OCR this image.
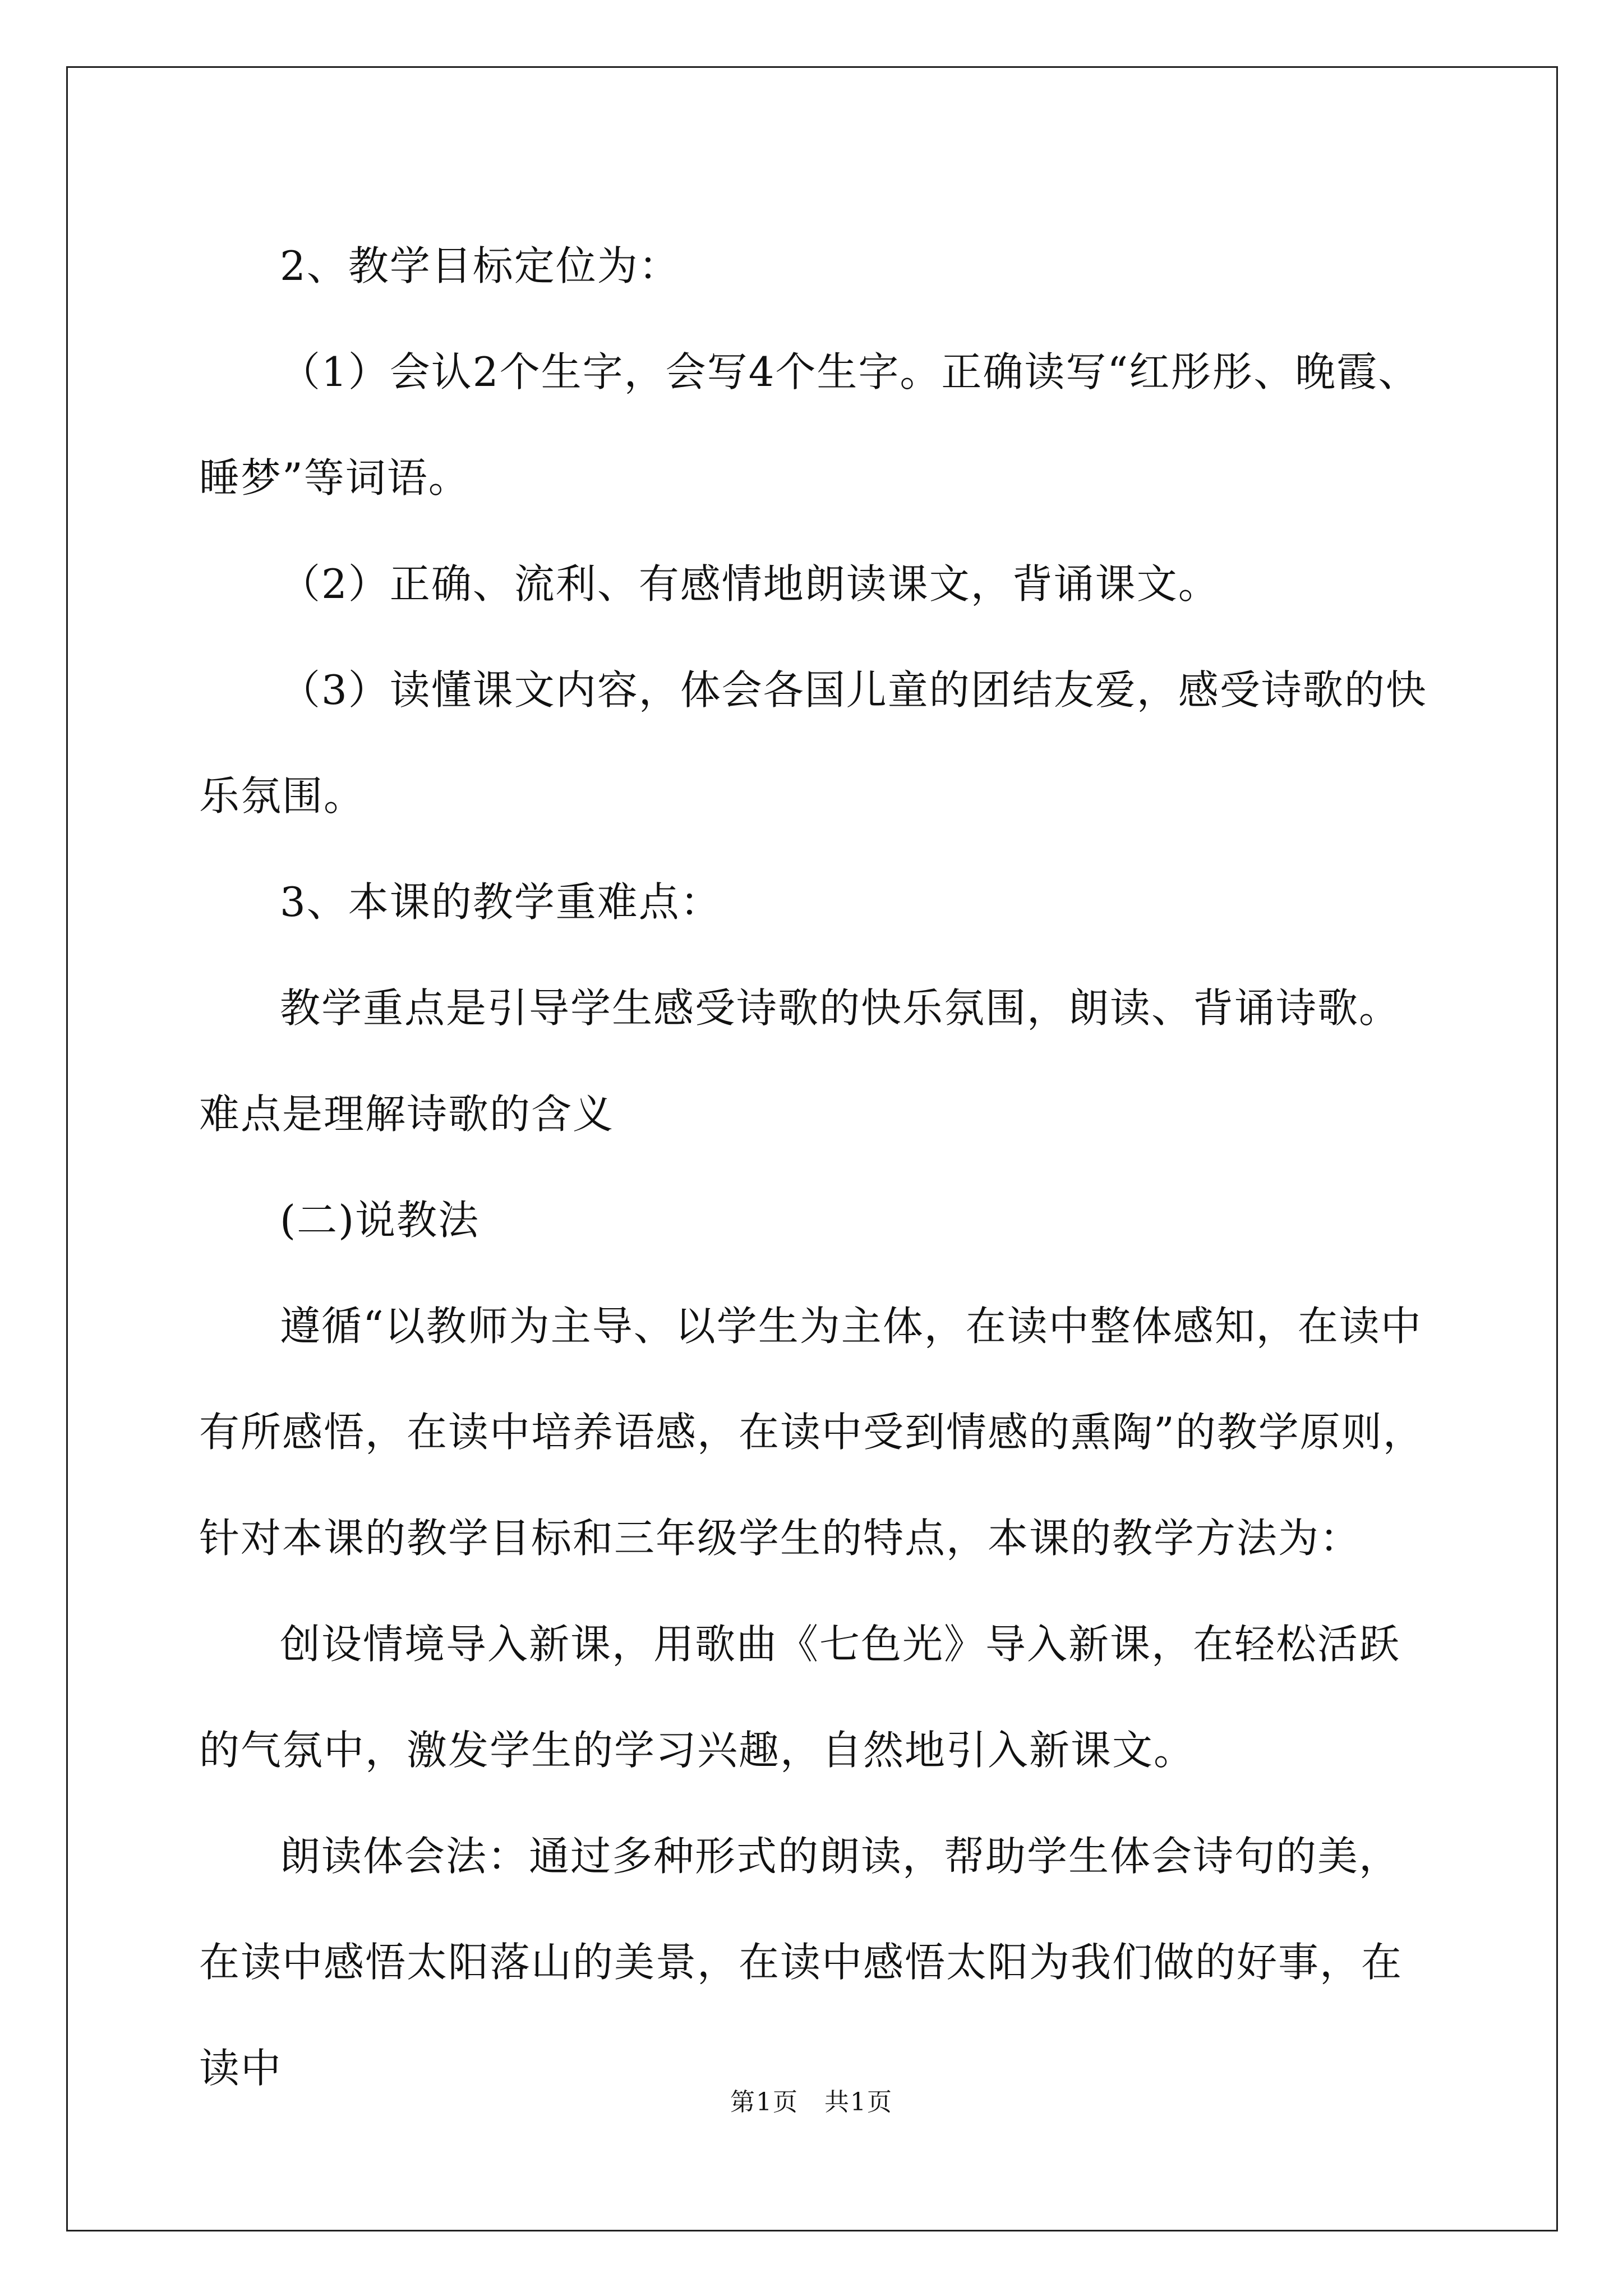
2、教学目标定位为：

（1）会认2个生字，会写4个生字。正确读写“红彤彤、晚霞、睡梦”等词语。

（2）正确、流利、有感情地朗读课文，背诵课文。

（3）读懂课文内容，体会各国儿童的团结友爱，感受诗歌的快乐氛围。

3、本课的教学重难点：

教学重点是引导学生感受诗歌的快乐氛围，朗读、背诵诗歌。难点是理解诗歌的含义

(二)说教法

遵循“以教师为主导、以学生为主体，在读中整体感知，在读中有所感悟，在读中培养语感，在读中受到情感的熏陶”的教学原则，针对本课的教学目标和三年级学生的特点，本课的教学方法为：

创设情境导入新课，用歌曲《七色光》导入新课，在轻松活跃的气氛中，激发学生的学习兴趣，自然地引入新课文。

朗读体会法：通过多种形式的朗读，帮助学生体会诗句的美，在读中感悟太阳落山的美景，在读中感悟太阳为我们做的好事，在读中

第1页　 共1页
